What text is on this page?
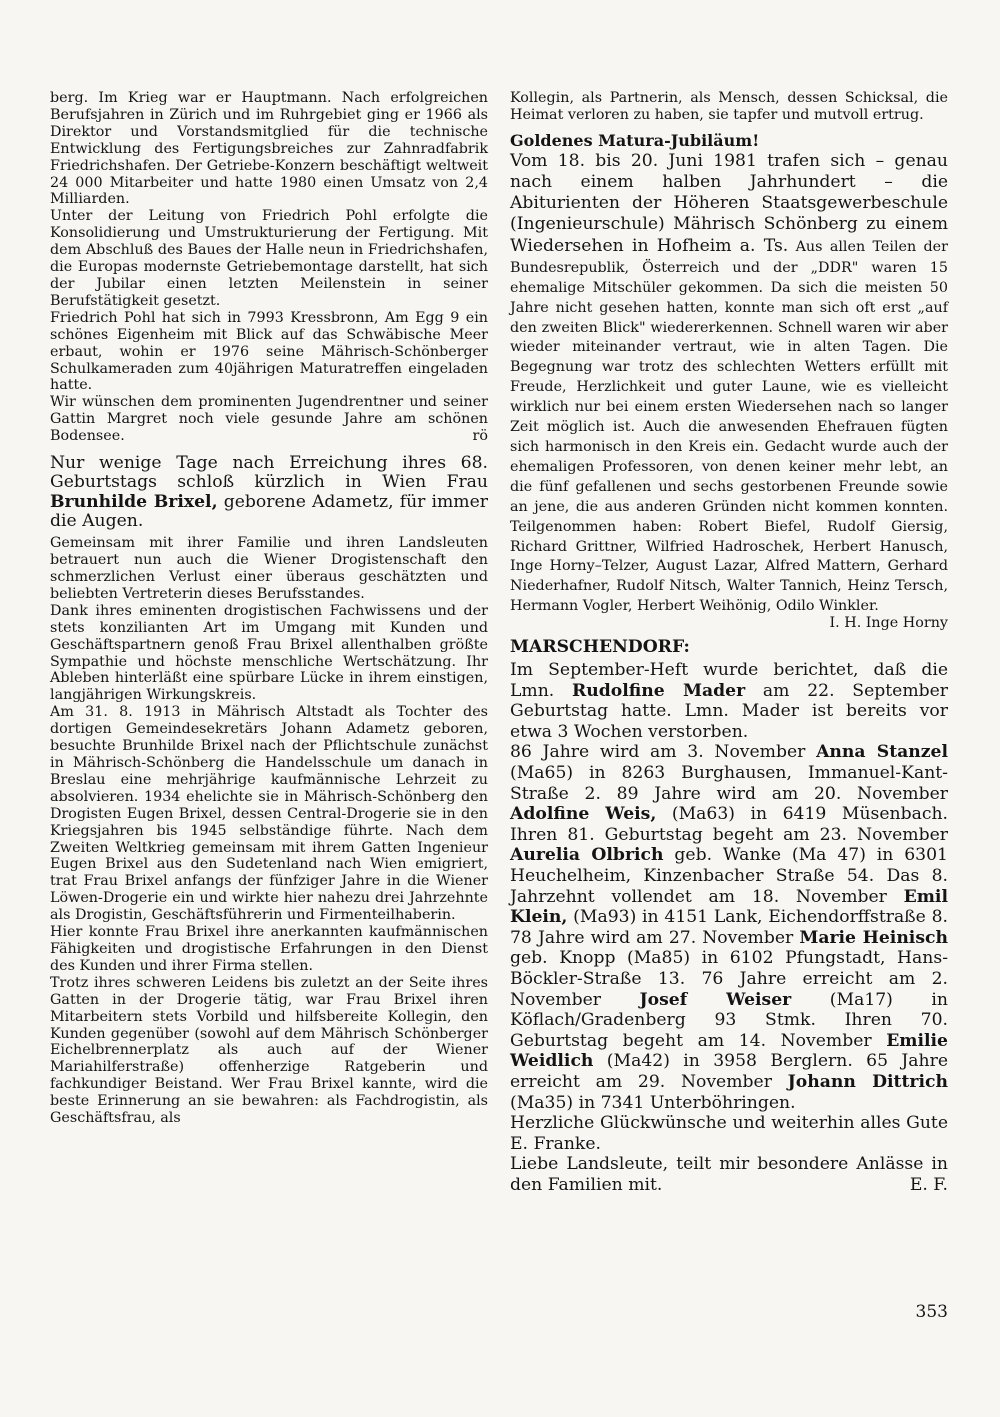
berg. Im Krieg war er Hauptmann. Nach erfolgreichen Berufsjahren in Zürich und im Ruhrgebiet ging er 1966 als Direktor und Vorstandsmitglied für die technische Entwicklung des Fertigungsbreiches zur Zahnradfabrik Friedrichshafen. Der Getriebe-Konzern beschäftigt weltweit 24 000 Mitarbeiter und hatte 1980 einen Umsatz von 2,4 Milliarden.

Unter der Leitung von Friedrich Pohl erfolgte die Konsolidierung und Umstrukturierung der Fertigung. Mit dem Abschluß des Baues der Halle neun in Friedrichshafen, die Europas modernste Getriebemontage darstellt, hat sich der Jubilar einen letzten Meilenstein in seiner Berufstätigkeit gesetzt.

Friedrich Pohl hat sich in 7993 Kressbronn, Am Egg 9 ein schönes Eigenheim mit Blick auf das Schwäbische Meer erbaut, wohin er 1976 seine Mährisch-Schönberger Schulkameraden zum 40jährigen Maturatreffen eingeladen hatte.

Wir wünschen dem prominenten Jugendrentner und seiner Gattin Margret noch viele gesunde Jahre am schönen Bodensee.	rö

Nur wenige Tage nach Erreichung ihres 68. Geburtstags schloß kürzlich in Wien Frau Brunhilde Brixel, geborene Adametz, für immer die Augen.

Gemeinsam mit ihrer Familie und ihren Landsleuten betrauert nun auch die Wiener Drogistenschaft den schmerzlichen Verlust einer überaus geschätzten und beliebten Vertreterin dieses Berufsstandes.

Dank ihres eminenten drogistischen Fachwissens und der stets konzilianten Art im Umgang mit Kunden und Geschäftspartnern genoß Frau Brixel allenthalben größte Sympathie und höchste menschliche Wertschätzung. Ihr Ableben hinterläßt eine spürbare Lücke in ihrem einstigen, langjährigen Wirkungskreis.

Am 31. 8. 1913 in Mährisch Altstadt als Tochter des dortigen Gemeindesekretärs Johann Adametz geboren, besuchte Brunhilde Brixel nach der Pflichtschule zunächst in Mährisch-Schönberg die Handelsschule um danach in Breslau eine mehrjährige kaufmännische Lehrzeit zu absolvieren. 1934 ehelichte sie in Mährisch-Schönberg den Drogisten Eugen Brixel, dessen Central-Drogerie sie in den Kriegsjahren bis 1945 selbständige führte. Nach dem Zweiten Weltkrieg gemeinsam mit ihrem Gatten Ingenieur Eugen Brixel aus den Sudetenland nach Wien emigriert, trat Frau Brixel anfangs der fünfziger Jahre in die Wiener Löwen-Drogerie ein und wirkte hier nahezu drei Jahrzehnte als Drogistin, Geschäftsführerin und Firmenteilhaberin.

Hier konnte Frau Brixel ihre anerkannten kaufmännischen Fähigkeiten und drogistische Erfahrungen in den Dienst des Kunden und ihrer Firma stellen.

Trotz ihres schweren Leidens bis zuletzt an der Seite ihres Gatten in der Drogerie tätig, war Frau Brixel ihren Mitarbeitern stets Vorbild und hilfsbereite Kollegin, den Kunden gegenüber (sowohl auf dem Mährisch Schönberger Eichelbrennerplatz als auch auf der Wiener Mariahilferstraße) offenherzige Ratgeberin und fachkundiger Beistand. Wer Frau Brixel kannte, wird die beste Erinnerung an sie bewahren: als Fachdrogistin, als Geschäftsfrau, als

Kollegin, als Partnerin, als Mensch, dessen Schicksal, die Heimat verloren zu haben, sie tapfer und mutvoll ertrug.

Goldenes Matura-Jubiläum!

Vom 18. bis 20. Juni 1981 trafen sich – genau nach einem halben Jahrhundert – die Abiturienten der Höheren Staatsgewerbeschule (Ingenieurschule) Mährisch Schönberg zu einem Wiedersehen in Hofheim a. Ts. Aus allen Teilen der Bundesrepublik, Österreich und der „DDR" waren 15 ehemalige Mitschüler gekommen. Da sich die meisten 50 Jahre nicht gesehen hatten, konnte man sich oft erst „auf den zweiten Blick" wiedererkennen. Schnell waren wir aber wieder miteinander vertraut, wie in alten Tagen. Die Begegnung war trotz des schlechten Wetters erfüllt mit Freude, Herzlichkeit und guter Laune, wie es vielleicht wirklich nur bei einem ersten Wiedersehen nach so langer Zeit möglich ist. Auch die anwesenden Ehefrauen fügten sich harmonisch in den Kreis ein. Gedacht wurde auch der ehemaligen Professoren, von denen keiner mehr lebt, an die fünf gefallenen und sechs gestorbenen Freunde sowie an jene, die aus anderen Gründen nicht kommen konnten. Teilgenommen haben: Robert Biefel, Rudolf Giersig, Richard Grittner, Wilfried Hadroschek, Herbert Hanusch, Inge Horny–Telzer, August Lazar, Alfred Mattern, Gerhard Niederhafner, Rudolf Nitsch, Walter Tannich, Heinz Tersch, Hermann Vogler, Herbert Weihönig, Odilo Winkler.

I. H. Inge Horny

MARSCHENDORF:

Im September-Heft wurde berichtet, daß die Lmn. Rudolfine Mader am 22. September Geburtstag hatte. Lmn. Mader ist bereits vor etwa 3 Wochen verstorben.

86 Jahre wird am 3. November Anna Stanzel (Ma65) in 8263 Burghausen, Immanuel-Kant-Straße 2. 89 Jahre wird am 20. November Adolfine Weis, (Ma63) in 6419 Müsenbach. Ihren 81. Geburtstag begeht am 23. November Aurelia Olbrich geb. Wanke (Ma 47) in 6301 Heuchelheim, Kinzenbacher Straße 54. Das 8. Jahrzehnt vollendet am 18. November Emil Klein, (Ma93) in 4151 Lank, Eichendorffstraße 8. 78 Jahre wird am 27. November Marie Heinisch geb. Knopp (Ma85) in 6102 Pfungstadt, Hans-Böckler-Straße 13. 76 Jahre erreicht am 2. November Josef Weiser (Ma17) in Köflach/Gradenberg 93 Stmk. Ihren 70. Geburtstag begeht am 14. November Emilie Weidlich (Ma42) in 3958 Berglern. 65 Jahre erreicht am 29. November Johann Dittrich (Ma35) in 7341 Unterböhringen.

Herzliche Glückwünsche und weiterhin alles Gute E. Franke.

Liebe Landsleute, teilt mir besondere Anlässe in den Familien mit.	E. F.

353
